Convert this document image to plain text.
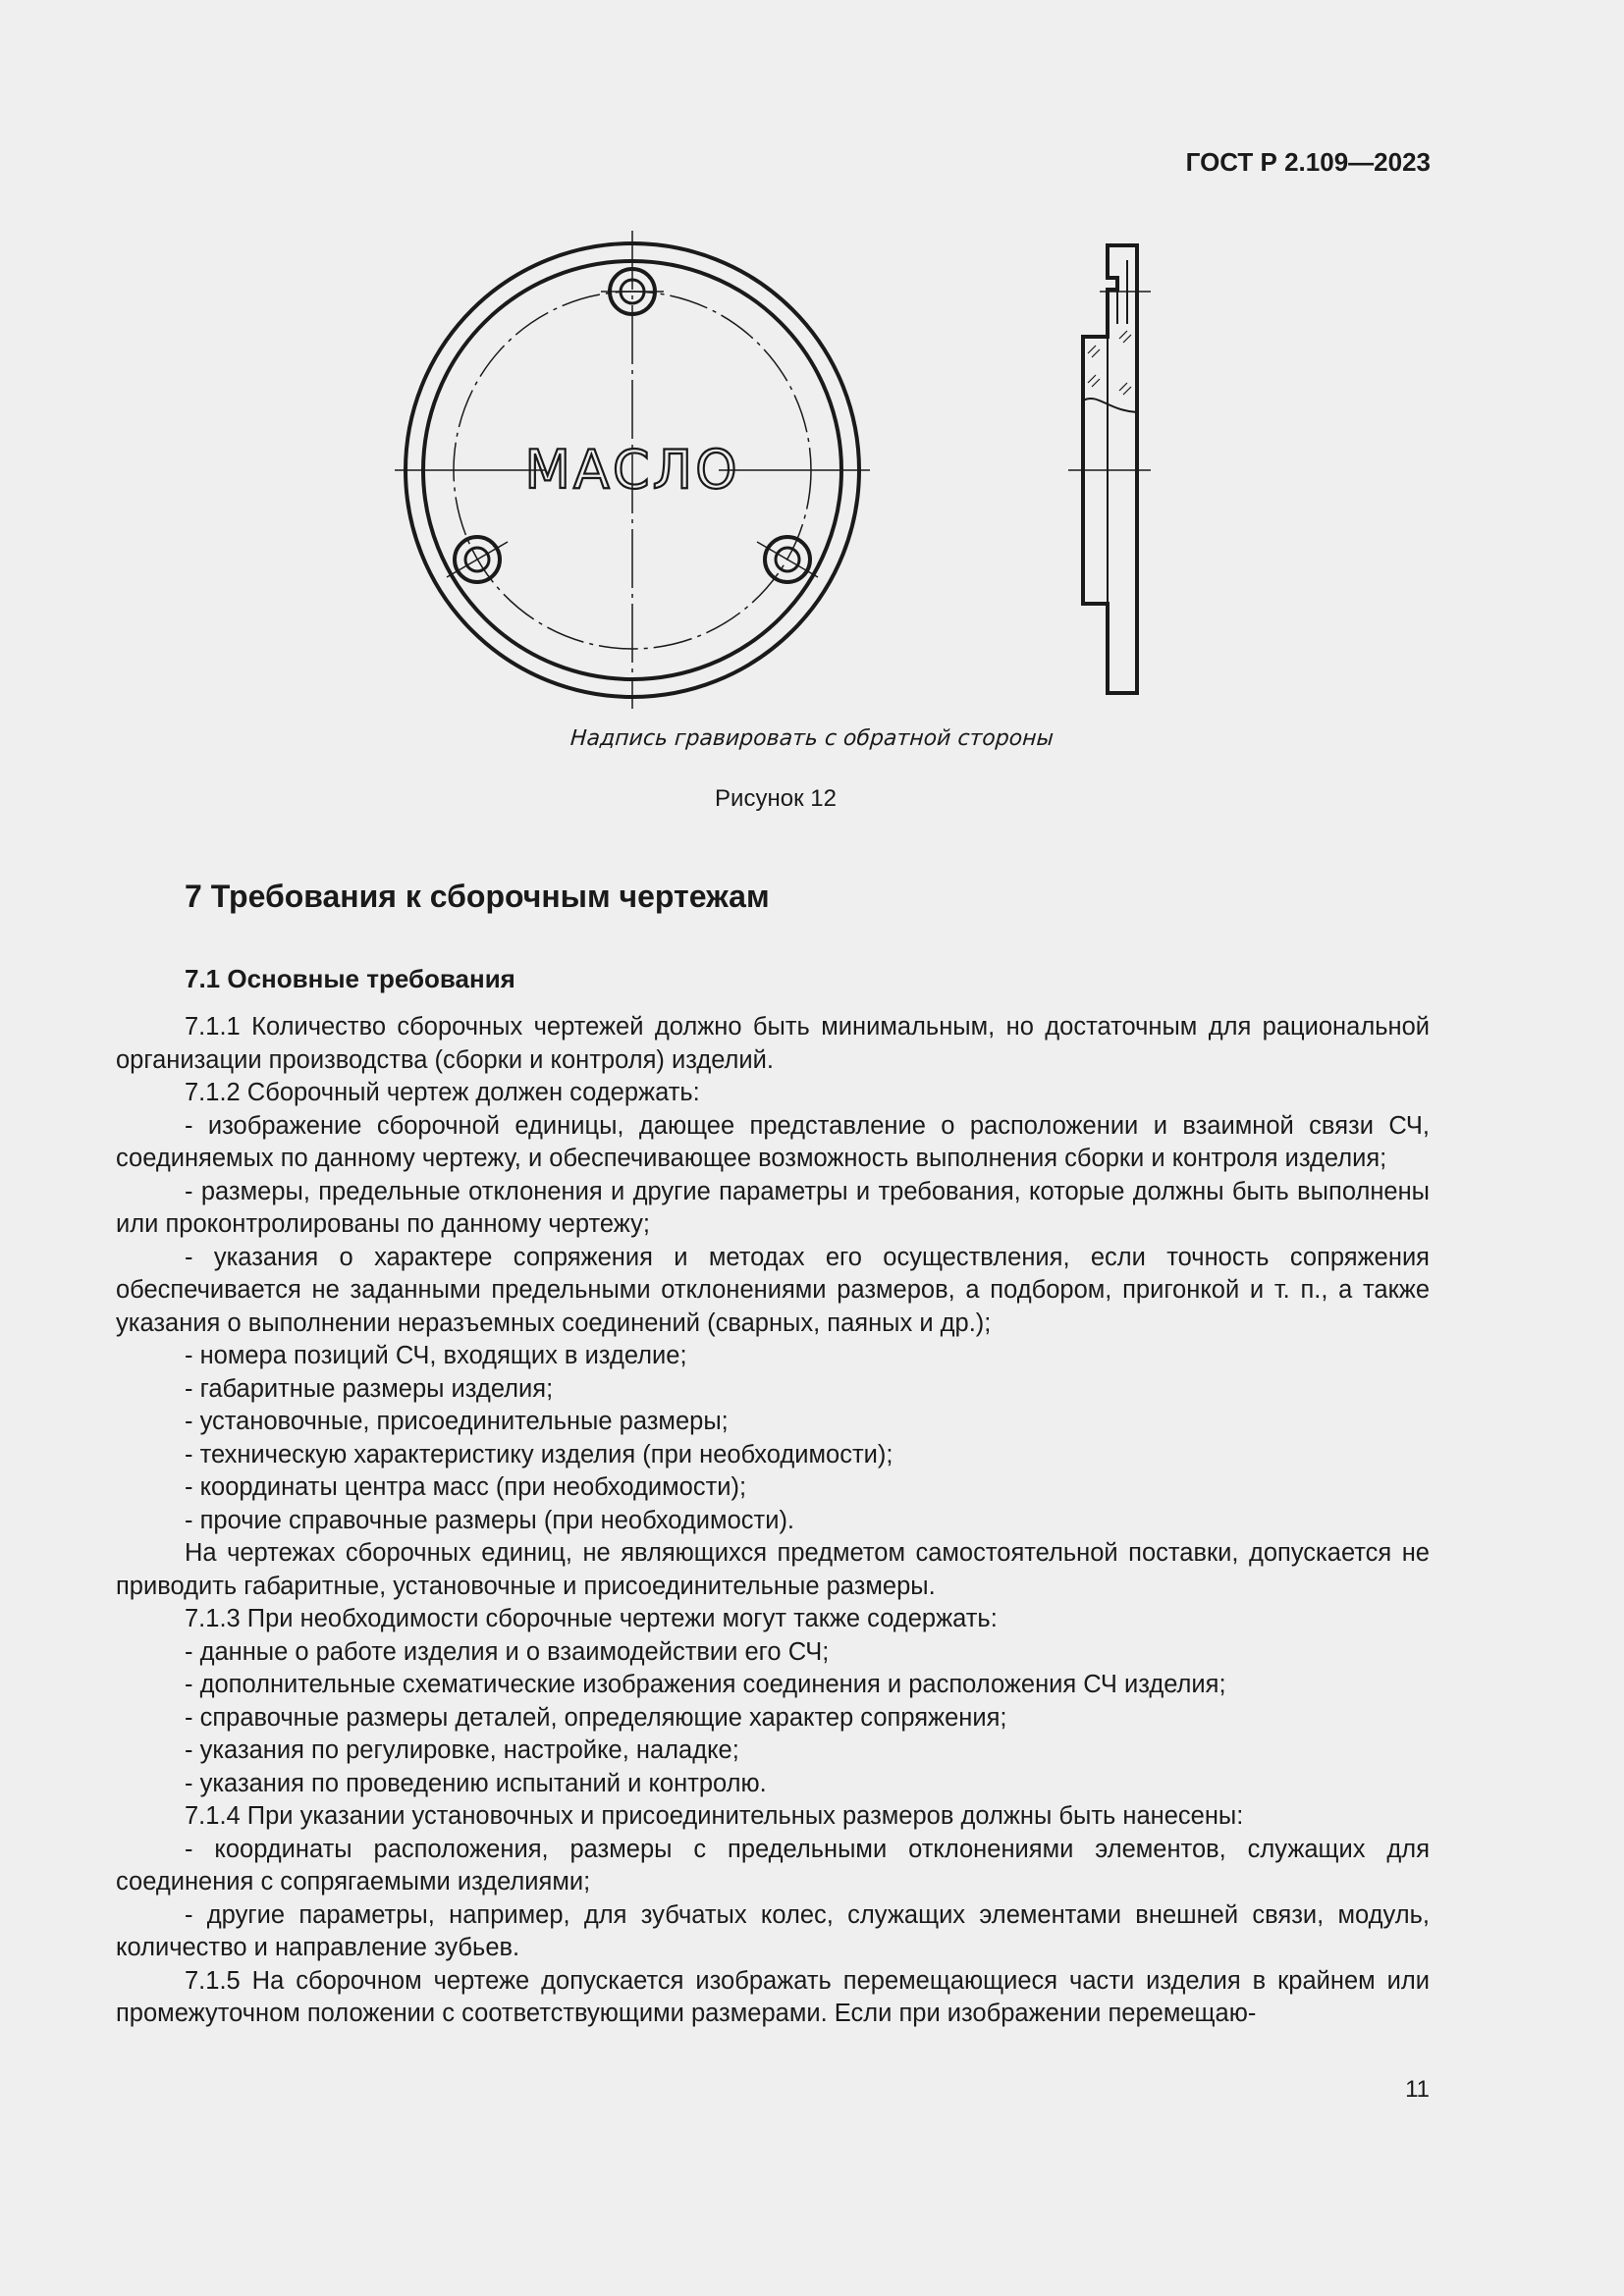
ГОСТ Р 2.109—2023
МАСЛО
Надпись гравировать с обратной стороны
Рисунок 12
7 Требования к сборочным чертежам
7.1 Основные требования

7.1.1 Количество сборочных чертежей должно быть минимальным, но достаточным для рациональной организации производства (сборки и контроля) изделий.

7.1.2 Сборочный чертеж должен содержать:

- изображение сборочной единицы, дающее представление о расположении и взаимной связи СЧ, соединяемых по данному чертежу, и обеспечивающее возможность выполнения сборки и контроля изделия;

- размеры, предельные отклонения и другие параметры и требования, которые должны быть выполнены или проконтролированы по данному чертежу;

- указания о характере сопряжения и методах его осуществления, если точность сопряжения обеспечивается не заданными предельными отклонениями размеров, а подбором, пригонкой и т. п., а также указания о выполнении неразъемных соединений (сварных, паяных и др.);

- номера позиций СЧ, входящих в изделие;

- габаритные размеры изделия;

- установочные, присоединительные размеры;

- техническую характеристику изделия (при необходимости);

- координаты центра масс (при необходимости);

- прочие справочные размеры (при необходимости).

На чертежах сборочных единиц, не являющихся предметом самостоятельной поставки, допускается не приводить габаритные, установочные и присоединительные размеры.

7.1.3 При необходимости сборочные чертежи могут также содержать:

- данные о работе изделия и о взаимодействии его СЧ;

- дополнительные схематические изображения соединения и расположения СЧ изделия;

- справочные размеры деталей, определяющие характер сопряжения;

- указания по регулировке, настройке, наладке;

- указания по проведению испытаний и контролю.

7.1.4 При указании установочных и присоединительных размеров должны быть нанесены:

- координаты расположения, размеры с предельными отклонениями элементов, служащих для соединения с сопрягаемыми изделиями;

- другие параметры, например, для зубчатых колес, служащих элементами внешней связи, модуль, количество и направление зубьев.

7.1.5 На сборочном чертеже допускается изображать перемещающиеся части изделия в крайнем или промежуточном положении с соответствующими размерами. Если при изображении перемещаю-

11
